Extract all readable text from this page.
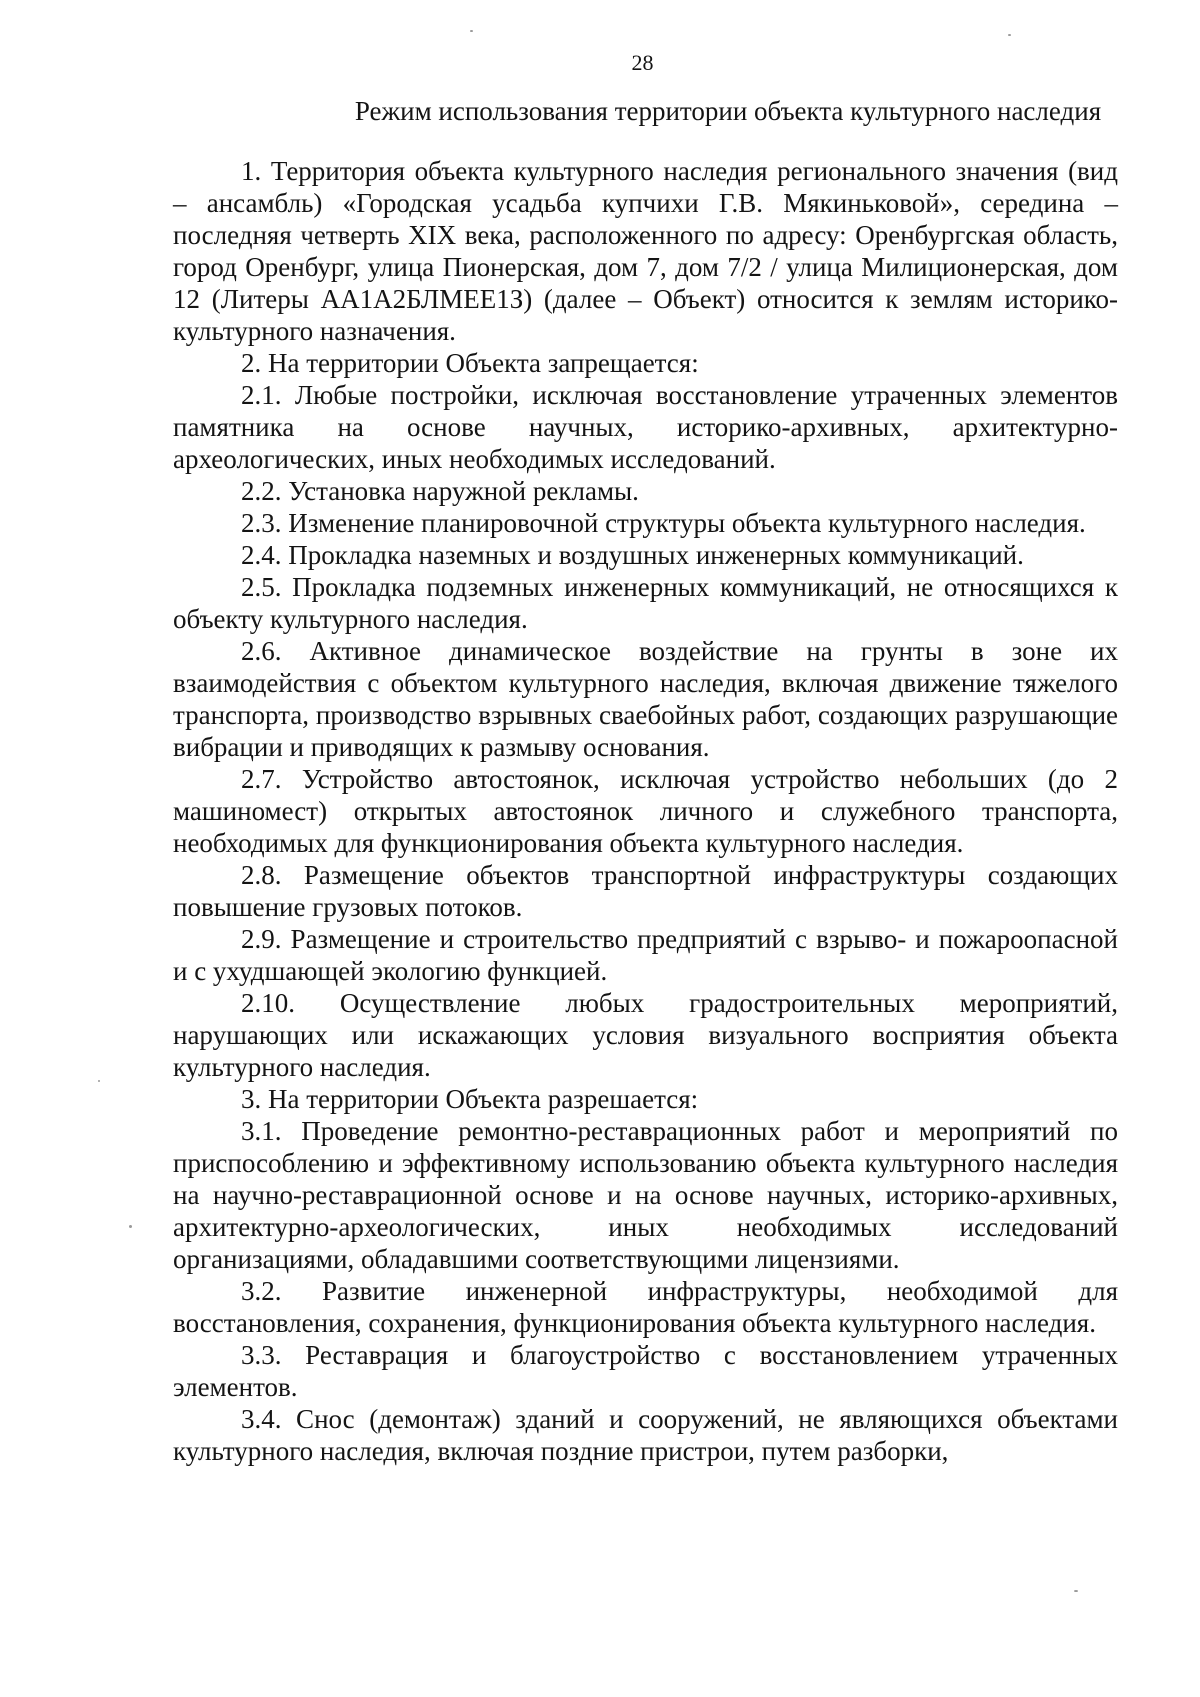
28
Режим использования территории объекта культурного наследия

1. Территория объекта культурного наследия регионального значения (вид – ансамбль) «Городская усадьба купчихи Г.В. Мякиньковой», середина – последняя четверть XIX века, расположенного по адресу: Оренбургская область, город Оренбург, улица Пионерская, дом 7, дом 7/2 / улица Милиционерская, дом 12 (Литеры АА1А2БЛМЕЕ1З) (далее – Объект) относится к землям историко-культурного назначения.

2. На территории Объекта запрещается:

2.1. Любые постройки, исключая восстановление утраченных элементов памятника на основе научных, историко-архивных, архитектурно-археологических, иных необходимых исследований.

2.2. Установка наружной рекламы.

2.3. Изменение планировочной структуры объекта культурного наследия.

2.4. Прокладка наземных и воздушных инженерных коммуникаций.

2.5. Прокладка подземных инженерных коммуникаций, не относящихся к объекту культурного наследия.

2.6. Активное динамическое воздействие на грунты в зоне их взаимодействия с объектом культурного наследия, включая движение тяжелого транспорта, производство взрывных сваебойных работ, создающих разрушающие вибрации и приводящих к размыву основания.

2.7. Устройство автостоянок, исключая устройство небольших (до 2 машиномест) открытых автостоянок личного и служебного транспорта, необходимых для функционирования объекта культурного наследия.

2.8. Размещение объектов транспортной инфраструктуры создающих повышение грузовых потоков.

2.9. Размещение и строительство предприятий с взрыво- и пожароопасной и с ухудшающей экологию функцией.

2.10. Осуществление любых градостроительных мероприятий, нарушающих или искажающих условия визуального восприятия объекта культурного наследия.

3. На территории Объекта разрешается:

3.1. Проведение ремонтно-реставрационных работ и мероприятий по приспособлению и эффективному использованию объекта культурного наследия на научно-реставрационной основе и на основе научных, историко-архивных, архитектурно-археологических, иных необходимых исследований организациями, обладавшими соответствующими лицензиями.

3.2. Развитие инженерной инфраструктуры, необходимой для восстановления, сохранения, функционирования объекта культурного наследия.

3.3. Реставрация и благоустройство с восстановлением утраченных элементов.

3.4. Снос (демонтаж) зданий и сооружений, не являющихся объектами культурного наследия, включая поздние пристрои, путем разборки,
